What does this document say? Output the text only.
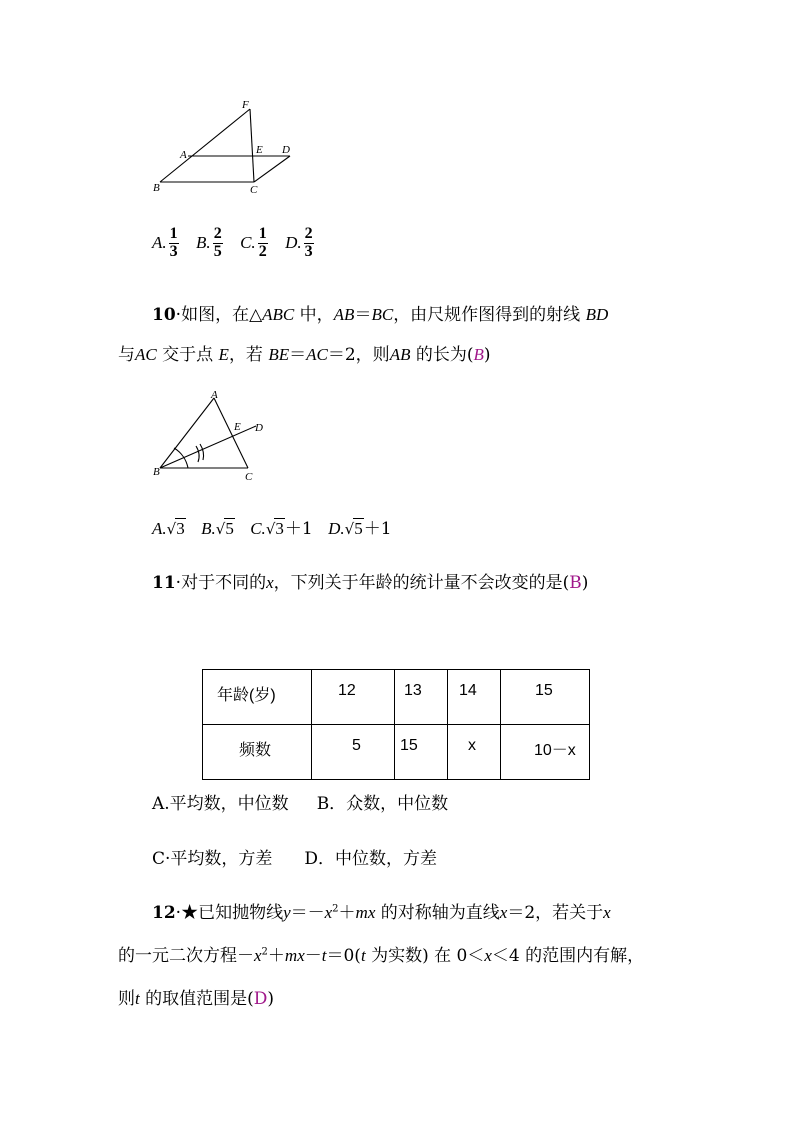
F
A	E D
B	C
A. $\frac{1}{3} B$. $\frac{2}{5} C$. $\frac{1}{2} D$. $\frac{2}{3}$
10·如图，在△ABC 中，AB＝BC，由尺规作图得到的射线 BD
与AC 交于点 E，若 BE＝AC＝2，则AB 的长为(B)
A
E D
B	C
A.√3 B.√5 C.√3＋1 D.√5＋1
11·对于不同的x，下列关于年龄的统计量不会改变的是(B)
年龄(岁)	12	13	14	15

频数	5	15	x	10－x
A.平均数，中位数 B．众数，中位数
C·平均数，方差 D．中位数，方差
12·★已知抛物线$y=-x^2+mx$ 的对称轴为直线x＝2，若关于x
的一元二次方程$-x^2+mx-t=0(t$ 为实数) 在 0＜x＜4 的范围内有解，
则t 的取值范围是(D)
